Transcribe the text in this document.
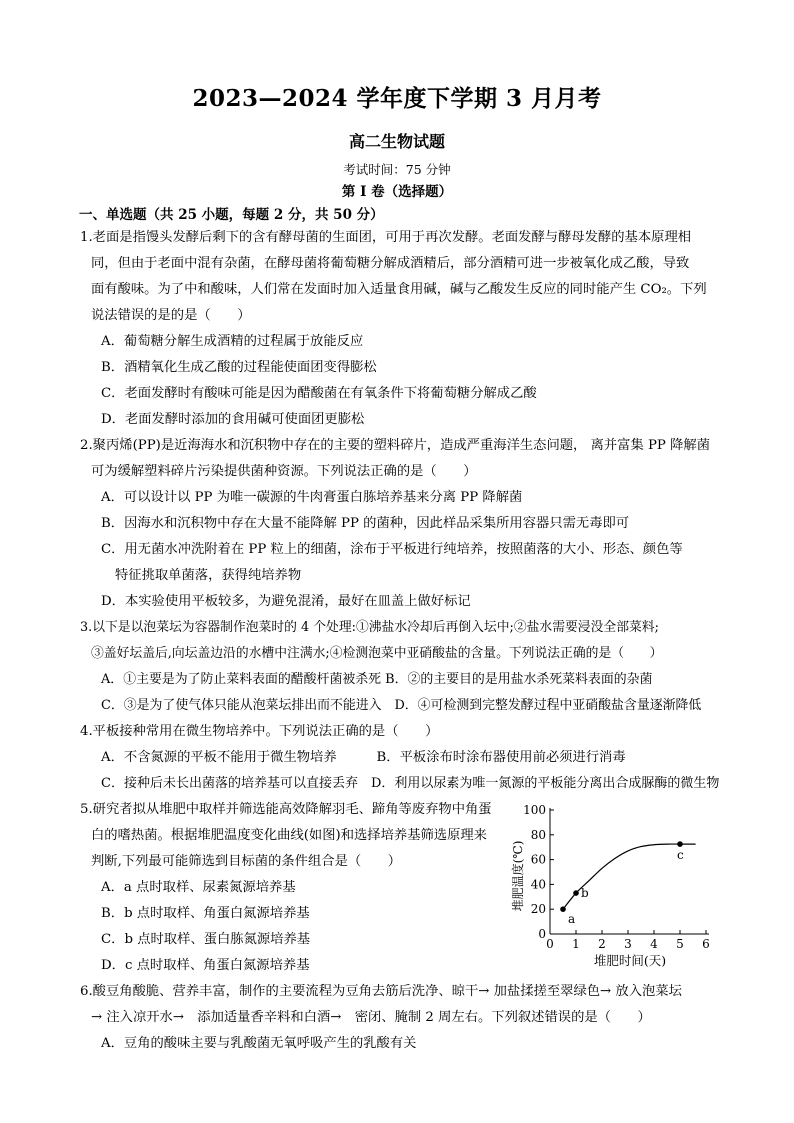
2023—2024 学年度下学期 3 月月考
高二生物试题
考试时间：75 分钟
第 I 卷（选择题）
一、单选题（共 25 小题，每题 2 分，共 50 分）
1.老面是指馒头发酵后剩下的含有酵母菌的生面团，可用于再次发酵。老面发酵与酵母发酵的基本原理相
同，但由于老面中混有杂菌，在酵母菌将葡萄糖分解成酒精后，部分酒精可进一步被氧化成乙酸，导致
面有酸味。为了中和酸味，人们常在发面时加入适量食用碱，碱与乙酸发生反应的同时能产生 CO₂。下列
说法错误的是的是（　　）
A．葡萄糖分解生成酒精的过程属于放能反应
B．酒精氧化生成乙酸的过程能使面团变得膨松
C．老面发酵时有酸味可能是因为醋酸菌在有氧条件下将葡萄糖分解成乙酸
D．老面发酵时添加的食用碱可使面团更膨松
2.聚丙烯(PP)是近海海水和沉积物中存在的主要的塑料碎片，造成严重海洋生态问题， 离并富集 PP 降解菌
可为缓解塑料碎片污染提供菌种资源。下列说法正确的是（　　）
A．可以设计以 PP 为唯一碳源的牛肉膏蛋白胨培养基来分离 PP 降解菌
B．因海水和沉积物中存在大量不能降解 PP 的菌种，因此样品采集所用容器只需无毒即可
C．用无菌水冲洗附着在 PP 粒上的细菌，涂布于平板进行纯培养，按照菌落的大小、形态、颜色等
特征挑取单菌落，获得纯培养物
D．本实验使用平板较多，为避免混淆，最好在皿盖上做好标记
3.以下是以泡菜坛为容器制作泡菜时的 4 个处理:①沸盐水冷却后再倒入坛中;②盐水需要浸没全部菜料;
③盖好坛盖后,向坛盖边沿的水槽中注满水;④检测泡菜中亚硝酸盐的含量。下列说法正确的是（　　）
A．①主要是为了防止菜料表面的醋酸杆菌被杀死 B．②的主要目的是用盐水杀死菜料表面的杂菌
C．③是为了使气体只能从泡菜坛排出而不能进入　D．④可检测到完整发酵过程中亚硝酸盐含量逐渐降低
4.平板接种常用在微生物培养中。下列说法正确的是（　　）
A．不含氮源的平板不能用于微生物培养　　　B．平板涂布时涂布器使用前必须进行消毒
C．接种后未长出菌落的培养基可以直接丢弃　D．利用以尿素为唯一氮源的平板能分离出合成脲酶的微生物
5.研究者拟从堆肥中取样并筛选能高效降解羽毛、蹄角等废弃物中角蛋
白的嗜热菌。根据堆肥温度变化曲线(如图)和选择培养基筛选原理来
判断,下列最可能筛选到目标菌的条件组合是（　　）
A．a 点时取样、尿素氮源培养基
B．b 点时取样、角蛋白氮源培养基
C．b 点时取样、蛋白胨氮源培养基
D．c 点时取样、角蛋白氮源培养基
0 1 2 3 4 5 6
0
20
40
60
80
100
a
b
c
堆肥时间(天)
堆肥温度(℃)
6.酸豆角酸脆、营养丰富，制作的主要流程为豆角去筋后洗净、晾干→ 加盐揉搓至翠绿色→ 放入泡菜坛
→ 注入凉开水→　添加适量香辛料和白酒→　密闭、腌制 2 周左右。下列叙述错误的是（　　）
A．豆角的酸味主要与乳酸菌无氧呼吸产生的乳酸有关
